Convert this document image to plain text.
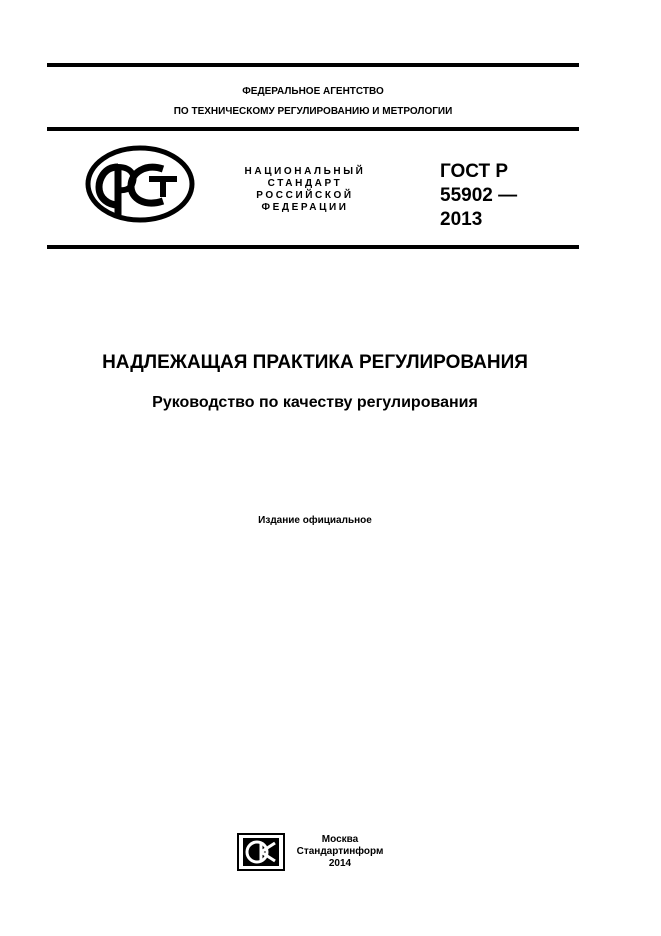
ФЕДЕРАЛЬНОЕ АГЕНТСТВО
ПО ТЕХНИЧЕСКОМУ РЕГУЛИРОВАНИЮ И МЕТРОЛОГИИ
НАЦИОНАЛЬНЫЙ
СТАНДАРТ
РОССИЙСКОЙ
ФЕДЕРАЦИИ
ГОСТ Р
55902 —
2013
НАДЛЕЖАЩАЯ ПРАКТИКА РЕГУЛИРОВАНИЯ
Руководство по качеству регулирования
Издание официальное
Москва
Стандартинформ
2014
